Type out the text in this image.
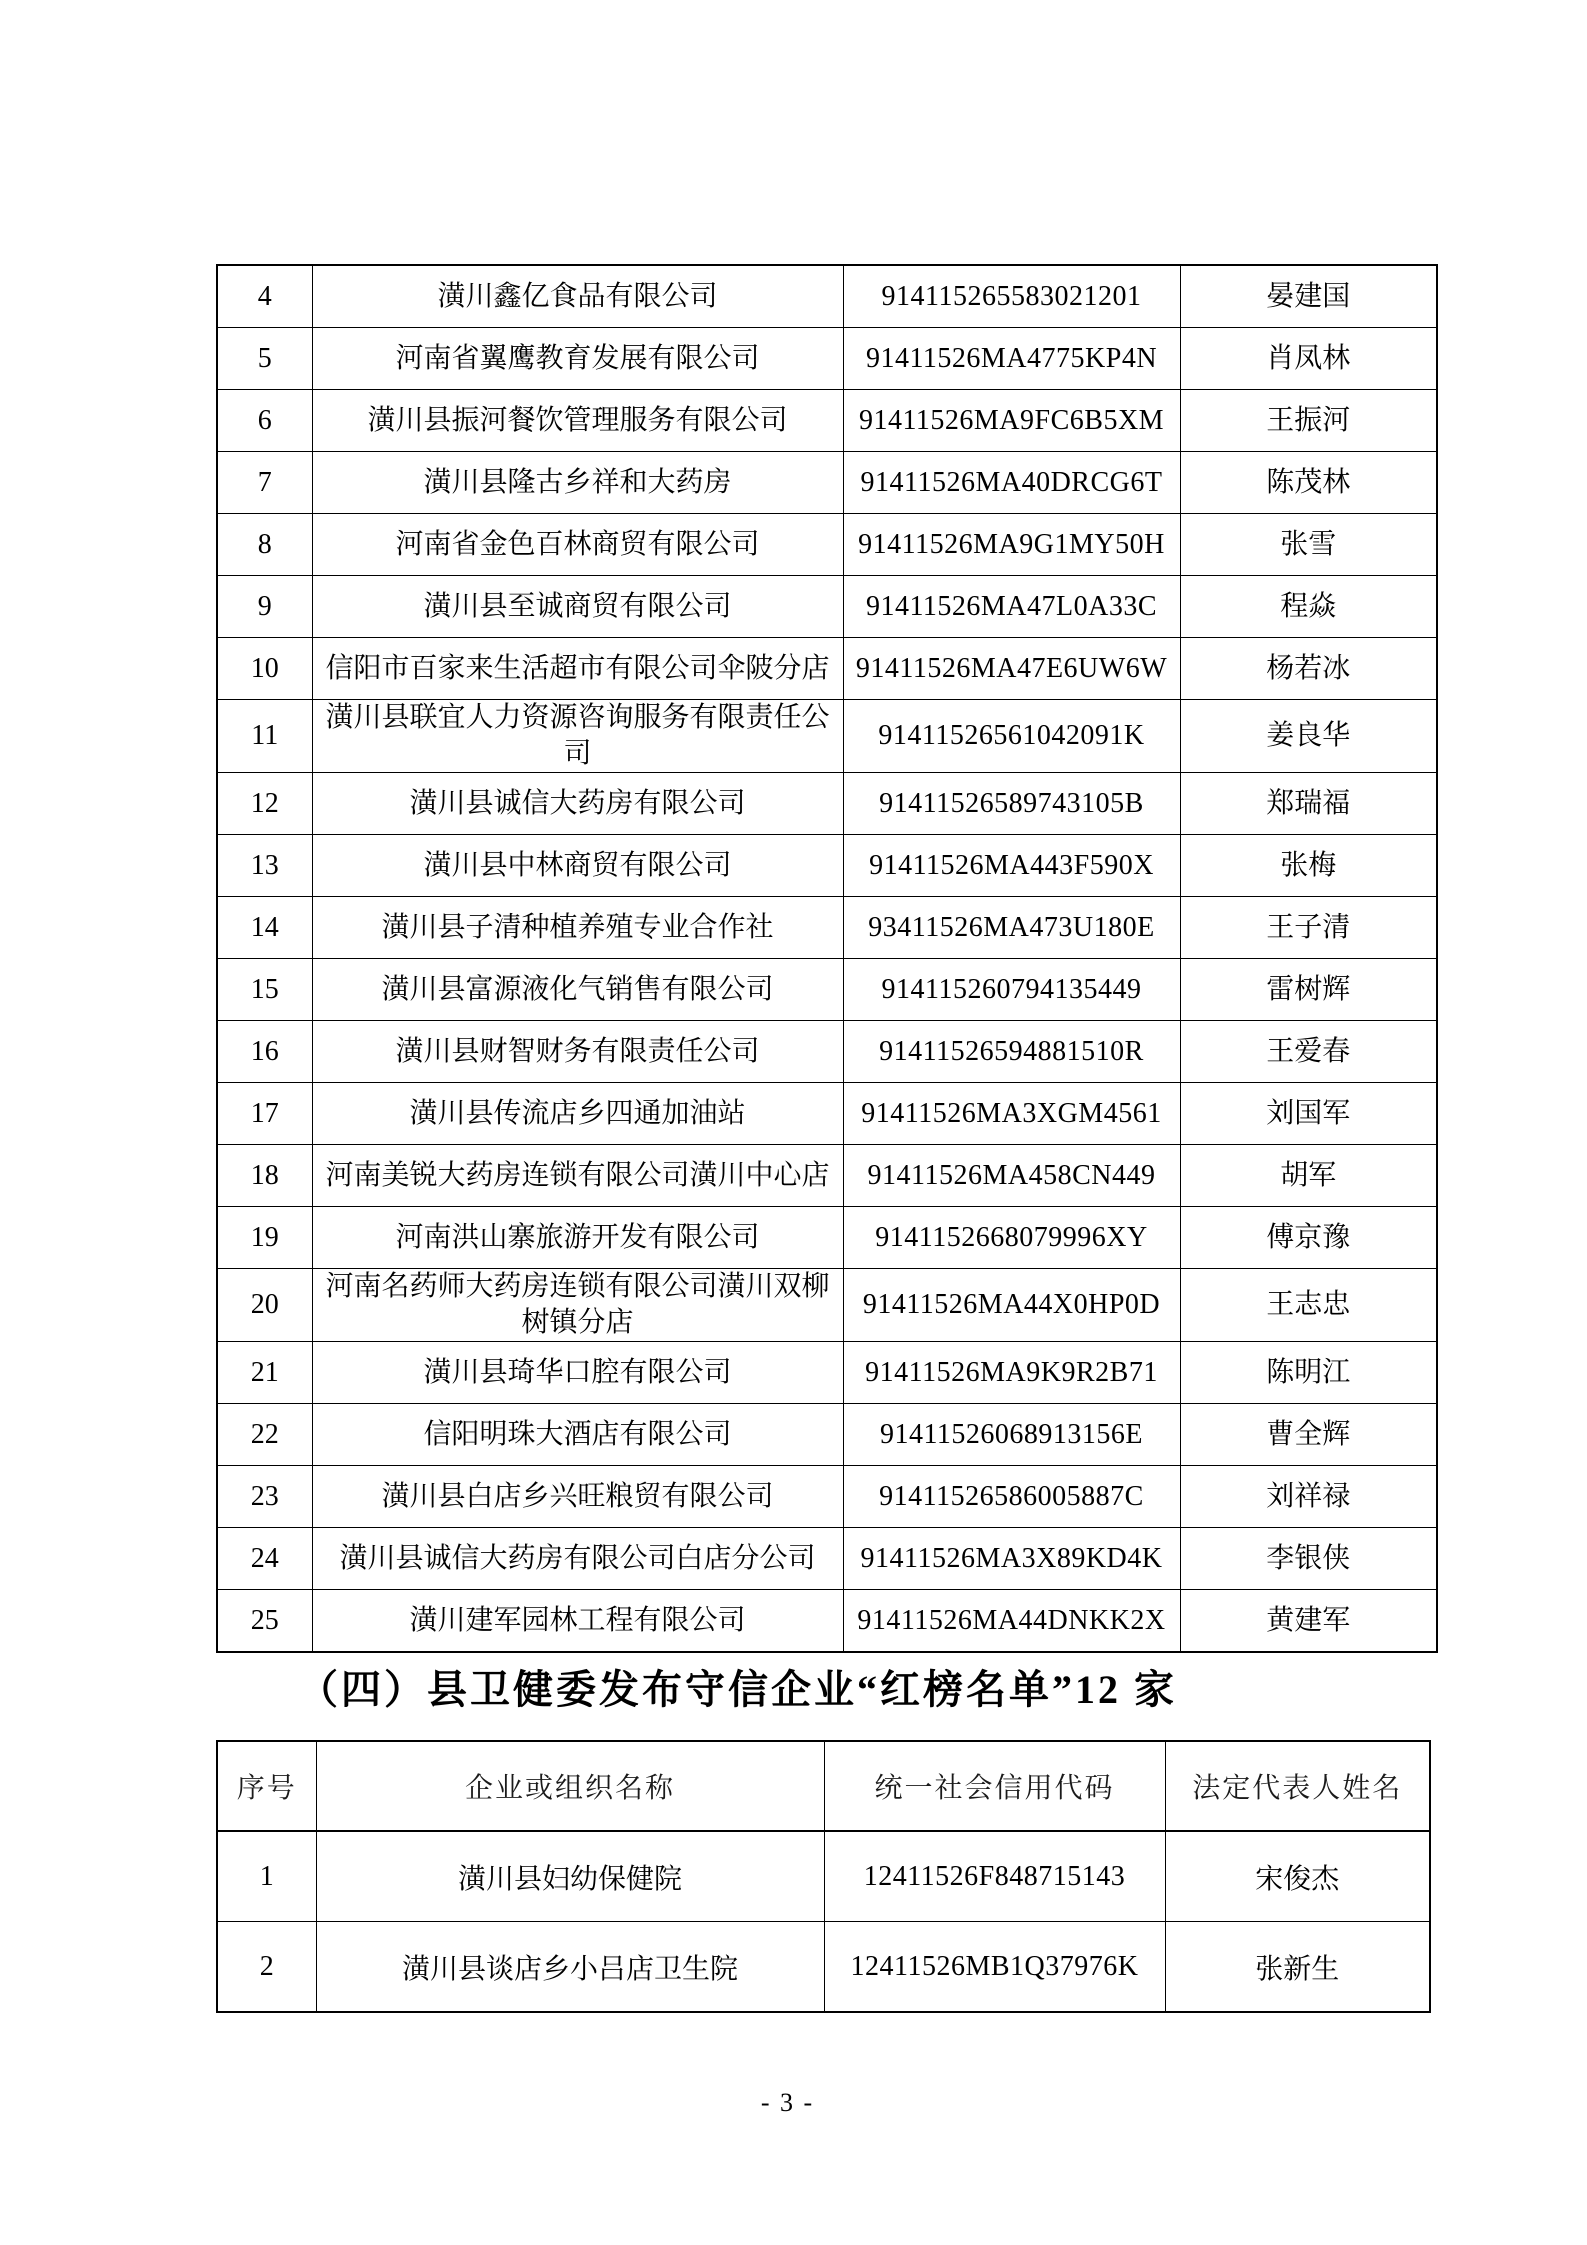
4	潢川鑫亿食品有限公司	914115265583021201	晏建国
5	河南省翼鹰教育发展有限公司	91411526MA4775KP4N	肖凤林
6	潢川县振河餐饮管理服务有限公司	91411526MA9FC6B5XM	王振河
7	潢川县隆古乡祥和大药房	91411526MA40DRCG6T	陈茂林
8	河南省金色百林商贸有限公司	91411526MA9G1MY50H	张雪
9	潢川县至诚商贸有限公司	91411526MA47L0A33C	程焱
10	信阳市百家来生活超市有限公司伞陂分店	91411526MA47E6UW6W	杨若冰
11	潢川县联宜人力资源咨询服务有限责任公司	91411526561042091K	姜良华
12	潢川县诚信大药房有限公司	91411526589743105B	郑瑞福
13	潢川县中林商贸有限公司	91411526MA443F590X	张梅
14	潢川县子清种植养殖专业合作社	93411526MA473U180E	王子清
15	潢川县富源液化气销售有限公司	914115260794135449	雷树辉
16	潢川县财智财务有限责任公司	91411526594881510R	王爱春
17	潢川县传流店乡四通加油站	91411526MA3XGM4561	刘国军
18	河南美锐大药房连锁有限公司潢川中心店	91411526MA458CN449	胡军
19	河南洪山寨旅游开发有限公司	9141152668079996XY	傅京豫
20	河南名药师大药房连锁有限公司潢川双柳树镇分店	91411526MA44X0HP0D	王志忠
21	潢川县琦华口腔有限公司	91411526MA9K9R2B71	陈明江
22	信阳明珠大酒店有限公司	91411526068913156E	曹全辉
23	潢川县白店乡兴旺粮贸有限公司	91411526586005887C	刘祥禄
24	潢川县诚信大药房有限公司白店分公司	91411526MA3X89KD4K	李银侠
25	潢川建军园林工程有限公司	91411526MA44DNKK2X	黄建军
（四）县卫健委发布守信企业“红榜名单”12 家
序号	企业或组织名称	统一社会信用代码	法定代表人姓名
1	潢川县妇幼保健院	12411526F848715143	宋俊杰
2	潢川县谈店乡小吕店卫生院	12411526MB1Q37976K	张新生
- 3 -
